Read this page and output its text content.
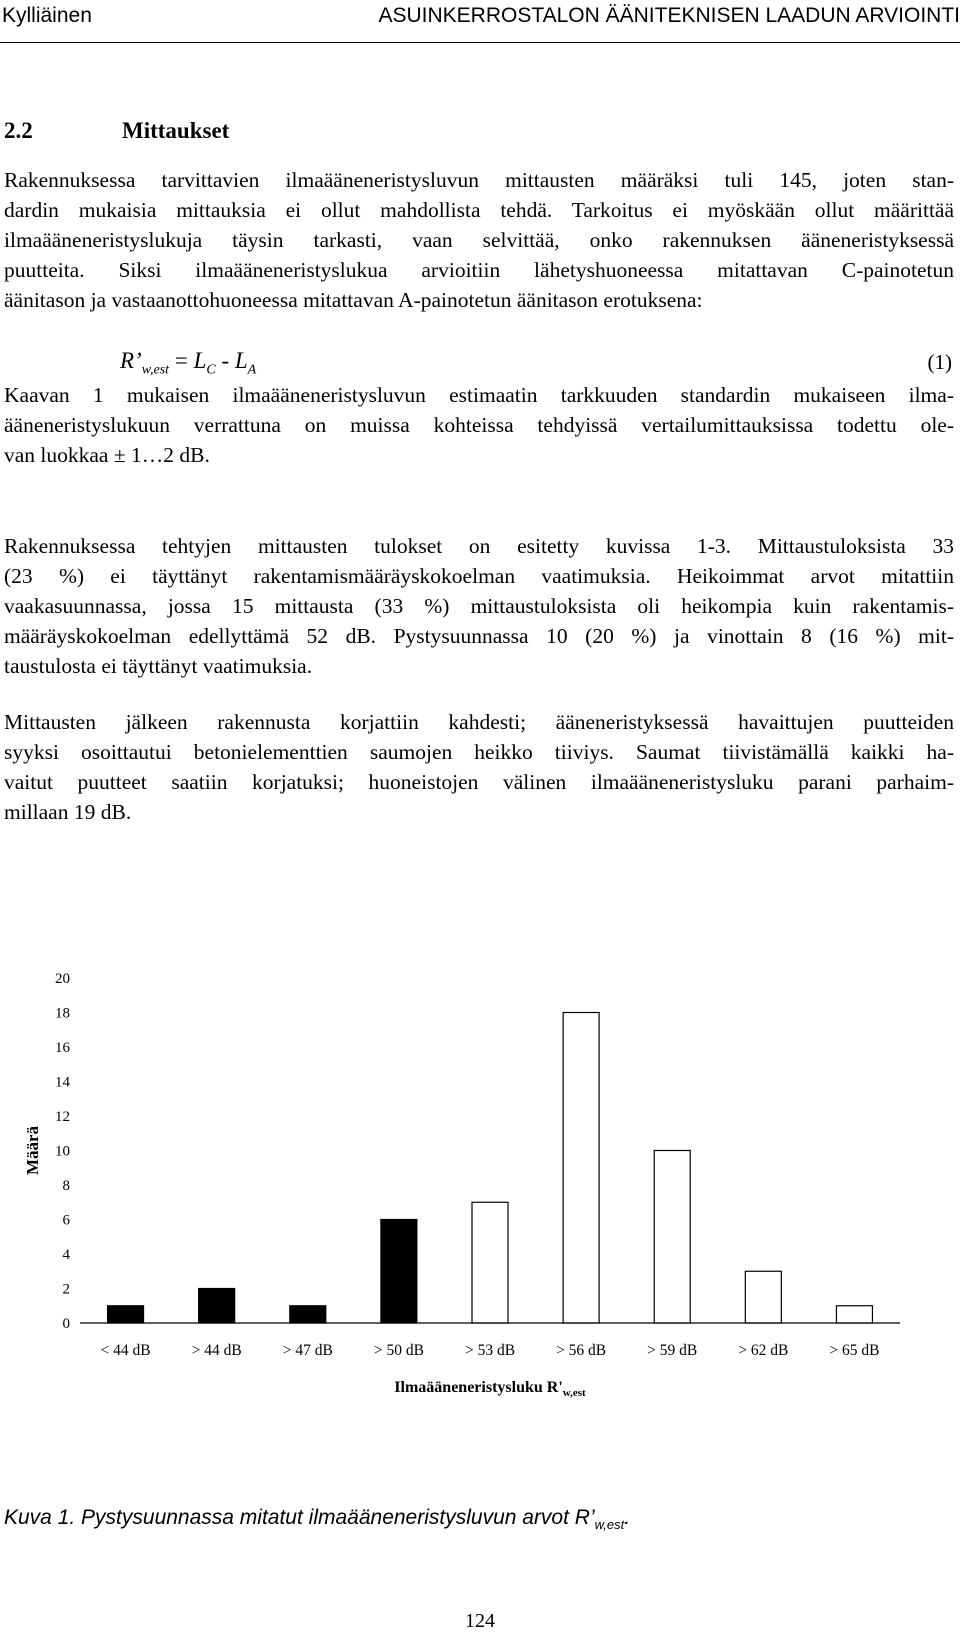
Kylliäinen	ASUINKERROSTALON ÄÄNITEKNISEN LAADUN ARVIOINTI
2.2	Mittaukset
Rakennuksessa tarvittavien ilmaääneneristysluvun mittausten määräksi tuli 145, joten stan-
dardin mukaisia mittauksia ei ollut mahdollista tehdä. Tarkoitus ei myöskään ollut määrittää
ilmaääneneristyslukuja täysin tarkasti, vaan selvittää, onko rakennuksen ääneneristyksessä
puutteita. Siksi ilmaääneneristyslukua arvioitiin lähetyshuoneessa mitattavan C-painotetun
äänitason ja vastaanottohuoneessa mitattavan A-painotetun äänitason erotuksena:
$R’_{w,est} = L_C - L_A$	(1)
Kaavan 1 mukaisen ilmaääneneristysluvun estimaatin tarkkuuden standardin mukaiseen ilma-
ääneneristyslukuun verrattuna on muissa kohteissa tehdyissä vertailumittauksissa todettu ole-
van luokkaa ± 1…2 dB.
Rakennuksessa tehtyjen mittausten tulokset on esitetty kuvissa 1-3. Mittaustuloksista 33
(23 %) ei täyttänyt rakentamismääräyskokoelman vaatimuksia. Heikoimmat arvot mitattiin
vaakasuunnassa, jossa 15 mittausta (33 %) mittaustuloksista oli heikompia kuin rakentamis-
määräyskokoelman edellyttämä 52 dB. Pystysuunnassa 10 (20 %) ja vinottain 8 (16 %) mit-
taustulosta ei täyttänyt vaatimuksia.
Mittausten jälkeen rakennusta korjattiin kahdesti; ääneneristyksessä havaittujen puutteiden
syyksi osoittautui betonielementtien saumojen heikko tiiviys. Saumat tiivistämällä kaikki ha-
vaitut puutteet saatiin korjatuksi; huoneistojen välinen ilmaääneneristysluku parani parhaim-
millaan 19 dB.
0
2
4
6
8
10
12
14
16
18
20
< 44 dB	> 44 dB	> 47 dB	> 50 dB	> 53 dB	> 56 dB	> 59 dB	> 62 dB	> 65 dB
Määrä
Ilmaääneneristysluku $R'_{w,est}$
Kuva 1. Pystysuunnassa mitatut ilmaääneneristysluvun arvot $R’_{w,est}$.
124
